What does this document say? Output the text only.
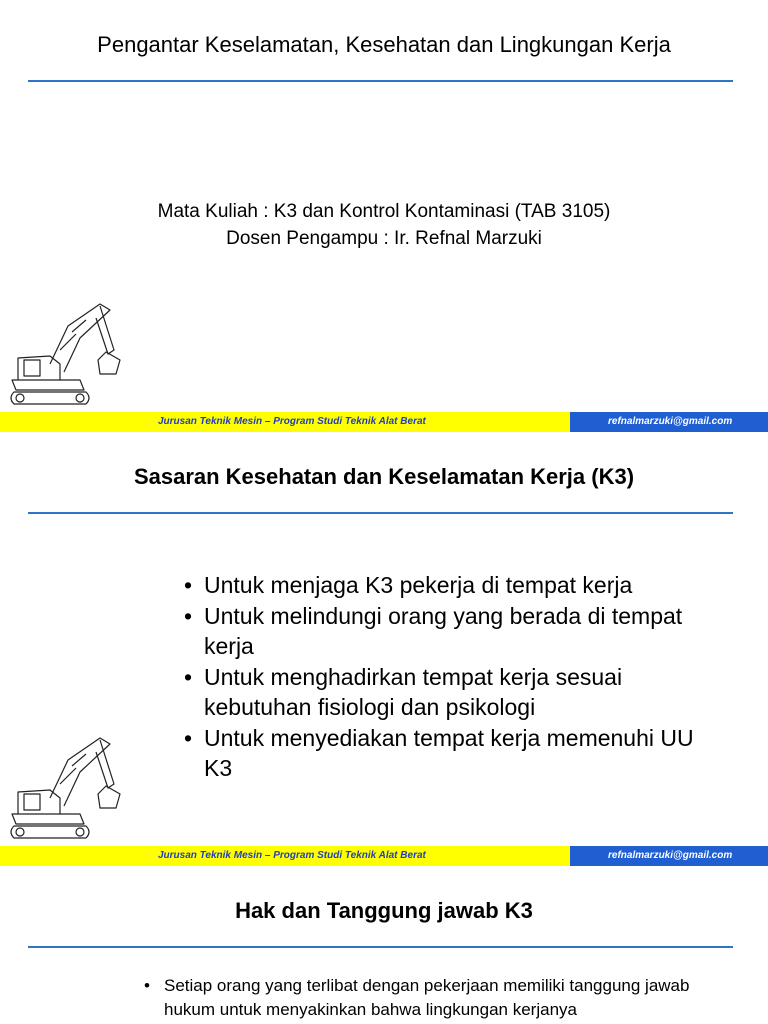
Pengantar Keselamatan, Kesehatan dan Lingkungan Kerja
Mata Kuliah : K3 dan Kontrol Kontaminasi (TAB 3105)
Dosen Pengampu : Ir. Refnal Marzuki
Jurusan Teknik Mesin – Program Studi Teknik Alat Berat	refnalmarzuki@gmail.com
Sasaran Kesehatan dan Keselamatan Kerja (K3)
• Untuk menjaga K3 pekerja di tempat kerja
• Untuk melindungi orang yang berada di tempat kerja
• Untuk menghadirkan tempat kerja sesuai kebutuhan fisiologi dan psikologi
• Untuk menyediakan tempat kerja memenuhi UU K3
Jurusan Teknik Mesin – Program Studi Teknik Alat Berat	refnalmarzuki@gmail.com
Hak dan Tanggung jawab K3
• Setiap orang yang terlibat dengan pekerjaan memiliki tanggung jawab hukum untuk menyakinkan bahwa lingkungan kerjanya
